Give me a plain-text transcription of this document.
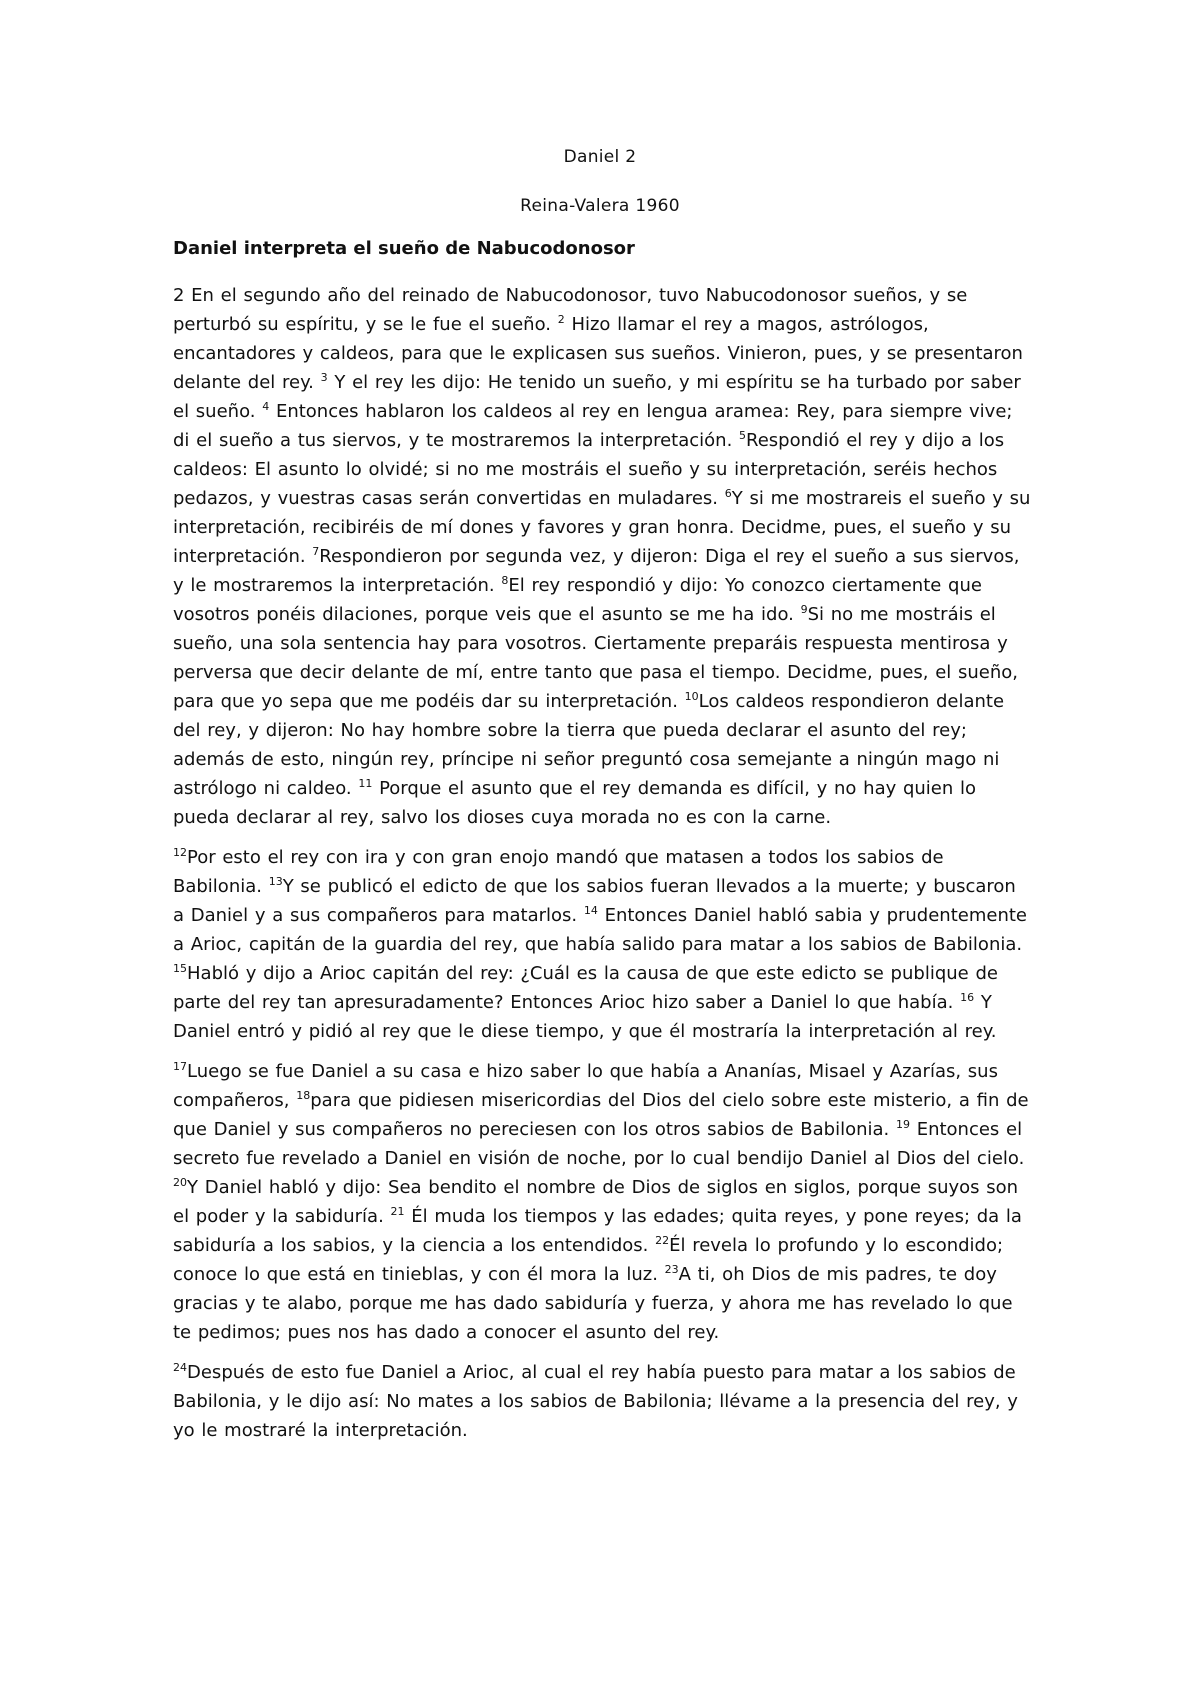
Daniel 2

Reina-Valera 1960

Daniel interpreta el sueño de Nabucodonosor

2 En el segundo año del reinado de Nabucodonosor, tuvo Nabucodonosor sueños, y se perturbó su espíritu, y se le fue el sueño. $^2$ Hizo llamar el rey a magos, astrólogos, encantadores y caldeos, para que le explicasen sus sueños. Vinieron, pues, y se presentaron delante del rey. $^3$ Y el rey les dijo: He tenido un sueño, y mi espíritu se ha turbado por saber el sueño. $^4$ Entonces hablaron los caldeos al rey en lengua aramea: Rey, para siempre vive; di el sueño a tus siervos, y te mostraremos la interpretación. $^5$Respondió el rey y dijo a los caldeos: El asunto lo olvidé; si no me mostráis el sueño y su interpretación, seréis hechos pedazos, y vuestras casas serán convertidas en muladares. $^6$Y si me mostrareis el sueño y su interpretación, recibiréis de mí dones y favores y gran honra. Decidme, pues, el sueño y su interpretación. $^7$Respondieron por segunda vez, y dijeron: Diga el rey el sueño a sus siervos, y le mostraremos la interpretación. $^8$El rey respondió y dijo: Yo conozco ciertamente que vosotros ponéis dilaciones, porque veis que el asunto se me ha ido. $^9$Si no me mostráis el sueño, una sola sentencia hay para vosotros. Ciertamente preparáis respuesta mentirosa y perversa que decir delante de mí, entre tanto que pasa el tiempo. Decidme, pues, el sueño, para que yo sepa que me podéis dar su interpretación. $^{10}$Los caldeos respondieron delante del rey, y dijeron: No hay hombre sobre la tierra que pueda declarar el asunto del rey; además de esto, ningún rey, príncipe ni señor preguntó cosa semejante a ningún mago ni astrólogo ni caldeo. $^{11}$ Porque el asunto que el rey demanda es difícil, y no hay quien lo pueda declarar al rey, salvo los dioses cuya morada no es con la carne.

$^{12}$Por esto el rey con ira y con gran enojo mandó que matasen a todos los sabios de Babilonia. $^{13}$Y se publicó el edicto de que los sabios fueran llevados a la muerte; y buscaron a Daniel y a sus compañeros para matarlos. $^{14}$ Entonces Daniel habló sabia y prudentemente a Arioc, capitán de la guardia del rey, que había salido para matar a los sabios de Babilonia. $^{15}$Habló y dijo a Arioc capitán del rey: ¿Cuál es la causa de que este edicto se publique de parte del rey tan apresuradamente? Entonces Arioc hizo saber a Daniel lo que había. $^{16}$ Y Daniel entró y pidió al rey que le diese tiempo, y que él mostraría la interpretación al rey.

$^{17}$Luego se fue Daniel a su casa e hizo saber lo que había a Ananías, Misael y Azarías, sus compañeros, $^{18}$para que pidiesen misericordias del Dios del cielo sobre este misterio, a fin de que Daniel y sus compañeros no pereciesen con los otros sabios de Babilonia. $^{19}$ Entonces el secreto fue revelado a Daniel en visión de noche, por lo cual bendijo Daniel al Dios del cielo. $^{20}$Y Daniel habló y dijo: Sea bendito el nombre de Dios de siglos en siglos, porque suyos son el poder y la sabiduría. $^{21}$ Él muda los tiempos y las edades; quita reyes, y pone reyes; da la sabiduría a los sabios, y la ciencia a los entendidos. $^{22}$Él revela lo profundo y lo escondido; conoce lo que está en tinieblas, y con él mora la luz. $^{23}$A ti, oh Dios de mis padres, te doy gracias y te alabo, porque me has dado sabiduría y fuerza, y ahora me has revelado lo que te pedimos; pues nos has dado a conocer el asunto del rey.

$^{24}$Después de esto fue Daniel a Arioc, al cual el rey había puesto para matar a los sabios de Babilonia, y le dijo así: No mates a los sabios de Babilonia; llévame a la presencia del rey, y yo le mostraré la interpretación.
